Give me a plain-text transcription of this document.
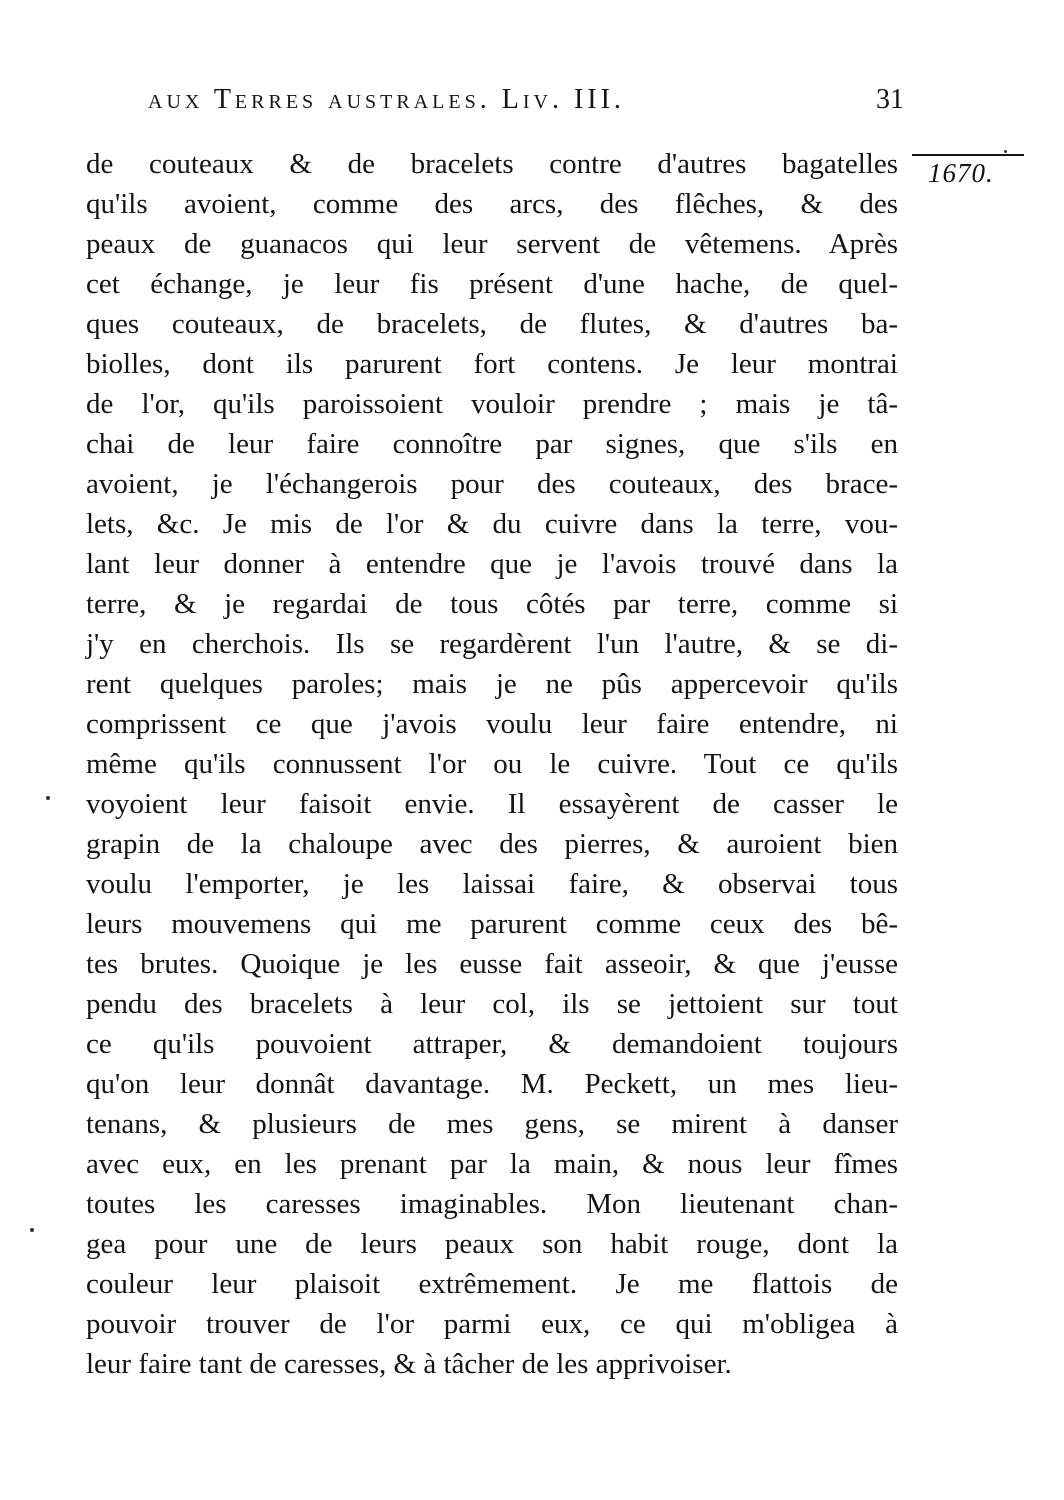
aux Terres australes. Liv. III.	31
1670.
de couteaux & de bracelets contre d'autres bagatelles
qu'ils avoient, comme des arcs, des flêches, & des
peaux de guanacos qui leur servent de vêtemens. Après
cet échange, je leur fis présent d'une hache, de quel-
ques couteaux, de bracelets, de flutes, & d'autres ba-
biolles, dont ils parurent fort contens. Je leur montrai
de l'or, qu'ils paroissoient vouloir prendre ; mais je tâ-
chai de leur faire connoître par signes, que s'ils en
avoient, je l'échangerois pour des couteaux, des brace-
lets, &c. Je mis de l'or & du cuivre dans la terre, vou-
lant leur donner à entendre que je l'avois trouvé dans la
terre, & je regardai de tous côtés par terre, comme si
j'y en cherchois. Ils se regardèrent l'un l'autre, & se di-
rent quelques paroles; mais je ne pûs appercevoir qu'ils
comprissent ce que j'avois voulu leur faire entendre, ni
même qu'ils connussent l'or ou le cuivre. Tout ce qu'ils
voyoient leur faisoit envie. Il essayèrent de casser le
grapin de la chaloupe avec des pierres, & auroient bien
voulu l'emporter, je les laissai faire, & observai tous
leurs mouvemens qui me parurent comme ceux des bê-
tes brutes. Quoique je les eusse fait asseoir, & que j'eusse
pendu des bracelets à leur col, ils se jettoient sur tout
ce qu'ils pouvoient attraper, & demandoient toujours
qu'on leur donnât davantage. M. Peckett, un mes lieu-
tenans, & plusieurs de mes gens, se mirent à danser
avec eux, en les prenant par la main, & nous leur fîmes
toutes les caresses imaginables. Mon lieutenant chan-
gea pour une de leurs peaux son habit rouge, dont la
couleur leur plaisoit extrêmement. Je me flattois de
pouvoir trouver de l'or parmi eux, ce qui m'obligea à
leur faire tant de caresses, & à tâcher de les apprivoiser.
